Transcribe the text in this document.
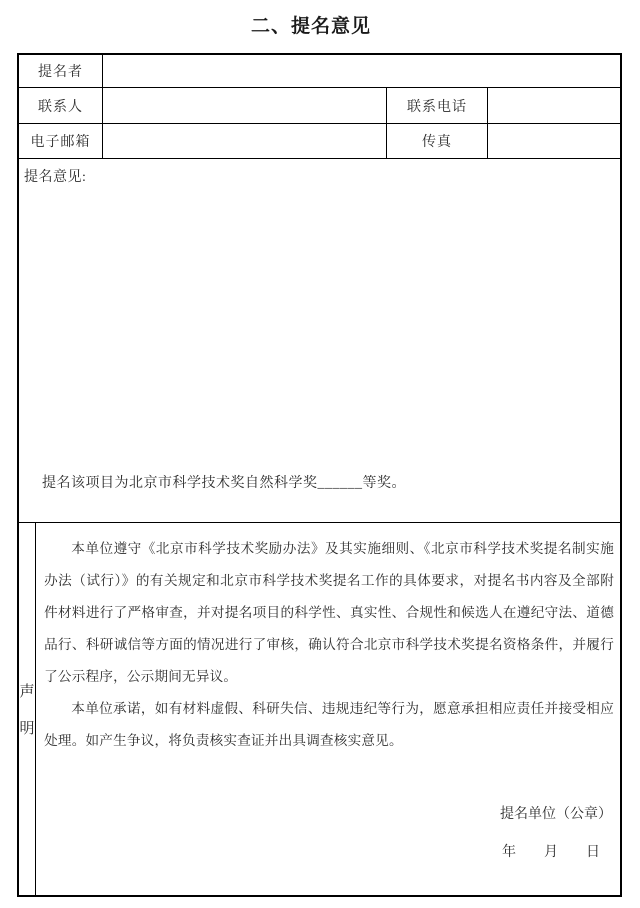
二、提名意见
提名者
联系人	联系电话
电子邮箱	传真
提名意见:
提名该项目为北京市科学技术奖自然科学奖______等奖。
声
明

本单位遵守《北京市科学技术奖励办法》及其实施细则、《北京市科学技术奖提名制实施办法（试行）》的有关规定和北京市科学技术奖提名工作的具体要求，对提名书内容及全部附件材料进行了严格审查，并对提名项目的科学性、真实性、合规性和候选人在遵纪守法、道德品行、科研诚信等方面的情况进行了审核，确认符合北京市科学技术奖提名资格条件，并履行了公示程序，公示期间无异议。

本单位承诺，如有材料虚假、科研失信、违规违纪等行为，愿意承担相应责任并接受相应处理。如产生争议，将负责核实查证并出具调查核实意见。

提名单位（公章）
年　　月　　日
